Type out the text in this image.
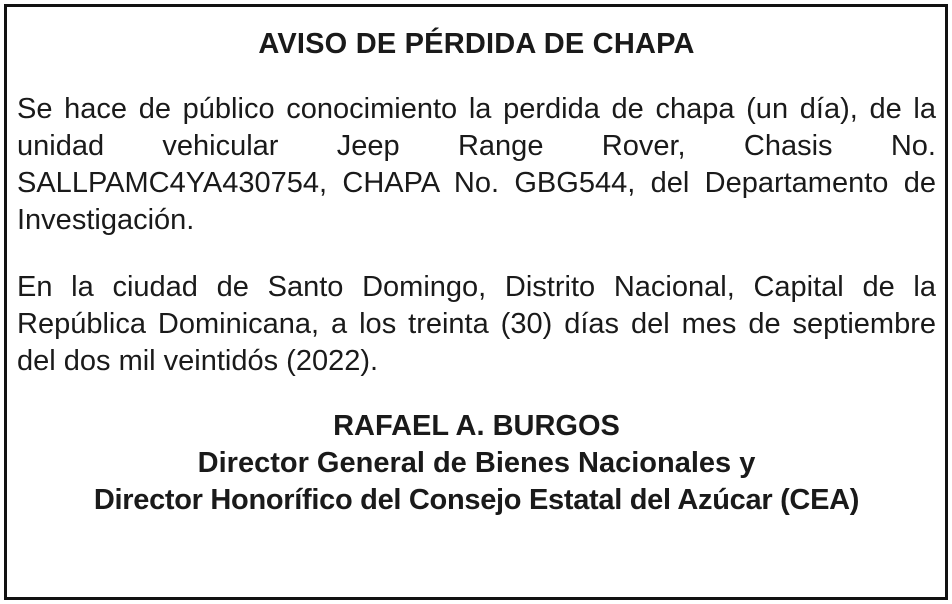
AVISO DE PÉRDIDA DE CHAPA

Se hace de público conocimiento la perdida de chapa (un día), de la unidad vehicular Jeep Range Rover, Chasis No. SALLPAMC4YA430754, CHAPA No. GBG544, del Departamento de Investigación.

En la ciudad de Santo Domingo, Distrito Nacional, Capital de la República Dominicana, a los treinta (30) días del mes de septiembre del dos mil veintidós (2022).

RAFAEL A. BURGOS
Director General de Bienes Nacionales y
Director Honorífico del Consejo Estatal del Azúcar (CEA)
